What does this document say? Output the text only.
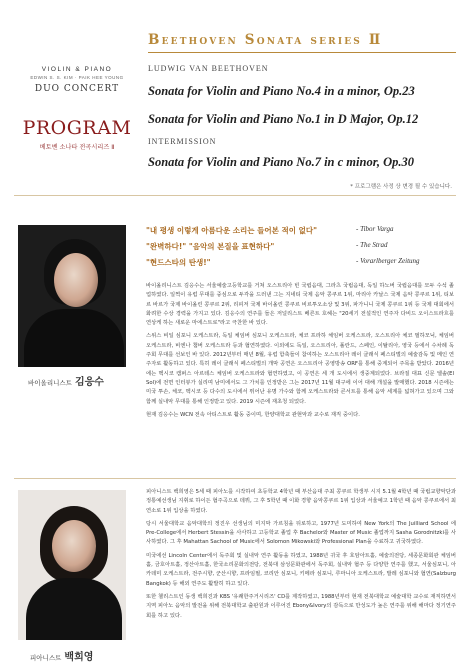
Beethoven Sonata series Ⅱ
VIOLIN & PIANO
EDWIN S. S. KIM · PAIK HEE YOUNG
DUO CONCERT
PROGRAM
베토벤 소나타 전곡시리즈 Ⅱ
LUDWIG VAN BEETHOVEN
Sonata for Violin and Piano No.4 in a minor, Op.23
Sonata for Violin and Piano No.1 in D Major, Op.12
INTERMISSION
Sonata for Violin and Piano No.7 in c minor, Op.30
* 프로그램은 사정 상 변경 될 수 있습니다.
바이올리니스트 김응수
"내 평생 이렇게 아름다운 소리는 들어본 적이 없다"	- Tibor Varga
"완벽하다!" "음악의 본질을 표현하다"	- The Strad
"현드스타의 탄생!"	- Vorarlberger Zeitung

바이올리니스트 김응수는 서울예술고등학교를 거쳐 오스트리아 빈 국립음대, 그라츠 국립음대, 독일 하노버 국립음대를 모두 수석 졸업하였다. 일찍이 유럽 무대를 중심으로 두각을 드러낸 그는 지네티 국제 음악 콩쿠르 1위, 마리아 카날스 국제 음악 콩쿠르 1위, 티보르 바르가 국제 바이올린 콩쿠르 2위, 리피저 국제 바이올린 콩쿠르 비르투오소상 및 3위, 파가니니 국제 콩쿠르 1위 등 국제 대회에서 화려한 수상 경력을 가지고 있다. 김응수의 연주를 들은 저널리스트 베른트 호헤는 "20세기 전설적인 연주자 다비드 오이스트라흐를 연상케 하는 새로운 마에스트로"라고 극찬한 바 있다.

스위스 비일 심포니 오케스트라, 독일 체임버 심포니 오케스트라, 체코 프라하 체임버 오케스트라, 오스트리아 체코 필하모닉, 체임버 오케스트라, 비엔나 챔버 오케스트라 등과 협연하였다. 이외에도 독일, 오스트리아, 폴란드, 스페인, 이탈리아, 영국 등에서 수차례 독주회 무대를 선보인 바 있다. 2012년부터 매년 8월, 유럽 함축들이 참여하는 오스트리아 레이 클래식 페스티벌의 예술감독 및 메인 연주자로 활동하고 있다. 특히 레이 클래식 페스티벌의 개막 공연은 오스트리아 공영방송 ORF를 통해 중계되어 주목을 받았다. 2016년에는 멕시코 캠퍼스 아르테스 체임버 오케스트라와 협연하였고, 이 공연은 세 개 도시에서 생중계되었다. 브라질 대표 신문 엘솔(El Sol)에 전면 인터뷰가 실리며 남미에서도 그 가치를 인정받은 그는 2017년 11월 대구에 이어 대해 개설을 발매했다. 2018 시즌에는 미국 투손, 체코, 멕시코 등 다수의 도시에서 뛰어난 유명 가수와 함께 오케스트라와 콘서트를 통해 음악 세계를 넓혀가고 있으며 그와 함께 실내악 무대를 통해 인정받고 있다. 2019 시즌에 재초청 되었다.

현재 김응수는 WCN 전속 아티스트로 활동 중이며, 한양대학교 관현악과 교수로 재직 중이다.

피아니스트 백희영

피아니스트 백희영은 5세 때 피아노를 시작하여 초등학교 4학년 때 부산음대 주최 콩쿠르 학생부 시지 5.1월 4학년 때 국립교향악단과 정통예선생님 지휘로 하이든 협주곡으로 데뷔, 그 후 5학년 때 이화 경향 음악콩쿠르 1위 입상과 서울예고 1학년 때 음악 콩쿠르에서 최연소로 1위 입상을 하였다.

당시 서울대학교 음악대학의 정진우 선생님의 미지막 가르침을 뒤로하고, 1977년 도미하여 New York의 The Juilliard School 에 Pre-College에서 Herbert Stessin을 사사하고 고등학교 졸업 후 Bachelor와 Master of Music 졸업까지 Sasha Gorodnitzki를 사사하였다. 그 후 Mahattan Sachool of Music에서 Solomon Mikowski와 Professional Plan을 수료하고 귀국하였다.

미국에선 Lincoln Center에서 독주회 및 실내악 연주 활동을 하였고, 1988년 귀국 후 호암아트홀, 예술의전당, 세종문화회관 체임버홀, 금호아트홀, 정산아트홀, 한국소리문화의전당, 전북대 삼성문화관에서 독주회, 실내악 협주 등 다양한 연주를 했고, 서울심포니, 아카데미 오케스트라, 전주시향, 군산시향, 프라임필, 코리안 심포니, 키메라 심포니, 루마니아 오케스트라, 발레 심포니와 협연(Salzburg Bangkok) 등 해외 연주도 활발히 하고 있다.

또한 첼리스트인 동생 백희진과 KBS '유쾌한주거시리즈' CD를 제작하였고, 1988년부터 현재 전북대학교 예술대학 교수로 재직하면서 지역 피아노 음악의 발전을 위해 전북대학교 출판원과 이루어진 Ebony&Ivory의 감독으로 만성도가 높은 연주를 위해 해마다 정기연주회를 하고 있다.
